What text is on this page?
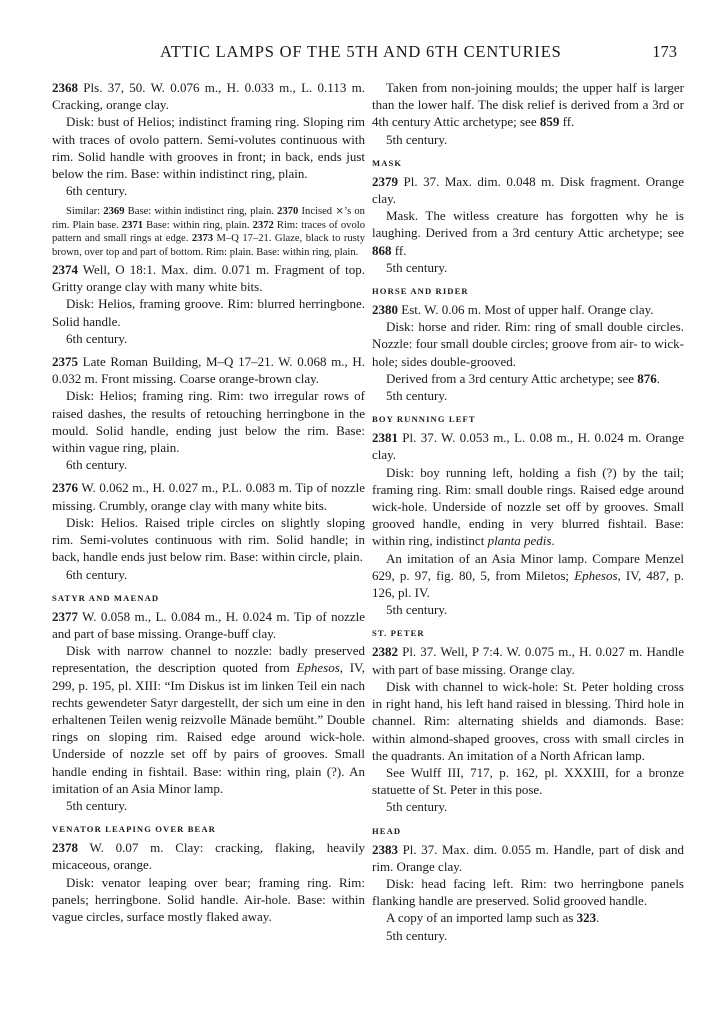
ATTIC LAMPS OF THE 5TH AND 6TH CENTURIES	173

2368 Pls. 37, 50. W. 0.076 m., H. 0.033 m., L. 0.113 m. Cracking, orange clay.

Disk: bust of Helios; indistinct framing ring. Sloping rim with traces of ovolo pattern. Semi-volutes continuous with rim. Solid handle with grooves in front; in back, ends just below the rim. Base: within indistinct ring, plain.

6th century.

Similar: 2369 Base: within indistinct ring, plain. 2370 Incised ⨯’s on rim. Plain base. 2371 Base: within ring, plain. 2372 Rim: traces of ovolo pattern and small rings at edge. 2373 M–Q 17–21. Glaze, black to rusty brown, over top and part of bottom. Rim: plain. Base: within ring, plain.

2374 Well, O 18:1. Max. dim. 0.071 m. Fragment of top. Gritty orange clay with many white bits.

Disk: Helios, framing groove. Rim: blurred herringbone. Solid handle.

6th century.

2375 Late Roman Building, M–Q 17–21. W. 0.068 m., H. 0.032 m. Front missing. Coarse orange-brown clay.

Disk: Helios; framing ring. Rim: two irregular rows of raised dashes, the results of retouching herringbone in the mould. Solid handle, ending just below the rim. Base: within vague ring, plain.

6th century.

2376 W. 0.062 m., H. 0.027 m., P.L. 0.083 m. Tip of nozzle missing. Crumbly, orange clay with many white bits.

Disk: Helios. Raised triple circles on slightly sloping rim. Semi-volutes continuous with rim. Solid handle; in back, handle ends just below rim. Base: within circle, plain.

6th century.

SATYR AND MAENAD

2377 W. 0.058 m., L. 0.084 m., H. 0.024 m. Tip of nozzle and part of base missing. Orange-buff clay.

Disk with narrow channel to nozzle: badly preserved representation, the description quoted from Ephesos, IV, 299, p. 195, pl. XIII: “Im Diskus ist im linken Teil ein nach rechts gewendeter Satyr dargestellt, der sich um eine in den erhaltenen Teilen wenig reizvolle Mänade bemüht.” Double rings on sloping rim. Raised edge around wick-hole. Underside of nozzle set off by pairs of grooves. Small handle ending in fishtail. Base: within ring, plain (?). An imitation of an Asia Minor lamp.

5th century.

VENATOR LEAPING OVER BEAR

2378 W. 0.07 m. Clay: cracking, flaking, heavily micaceous, orange.

Disk: venator leaping over bear; framing ring. Rim: panels; herringbone. Solid handle. Air-hole. Base: within vague circles, surface mostly flaked away.

Taken from non-joining moulds; the upper half is larger than the lower half. The disk relief is derived from a 3rd or 4th century Attic archetype; see 859 ff.

5th century.

MASK

2379 Pl. 37. Max. dim. 0.048 m. Disk fragment. Orange clay.

Mask. The witless creature has forgotten why he is laughing. Derived from a 3rd century Attic archetype; see 868 ff.

5th century.

HORSE AND RIDER

2380 Est. W. 0.06 m. Most of upper half. Orange clay.

Disk: horse and rider. Rim: ring of small double circles. Nozzle: four small double circles; groove from air- to wick-hole; sides double-grooved.

Derived from a 3rd century Attic archetype; see 876.

5th century.

BOY RUNNING LEFT

2381 Pl. 37. W. 0.053 m., L. 0.08 m., H. 0.024 m. Orange clay.

Disk: boy running left, holding a fish (?) by the tail; framing ring. Rim: small double rings. Raised edge around wick-hole. Underside of nozzle set off by grooves. Small grooved handle, ending in very blurred fishtail. Base: within ring, indistinct planta pedis.

An imitation of an Asia Minor lamp. Compare Menzel 629, p. 97, fig. 80, 5, from Miletos; Ephesos, IV, 487, p. 126, pl. IV.

5th century.

ST. PETER

2382 Pl. 37. Well, P 7:4. W. 0.075 m., H. 0.027 m. Handle with part of base missing. Orange clay.

Disk with channel to wick-hole: St. Peter holding cross in right hand, his left hand raised in blessing. Third hole in channel. Rim: alternating shields and diamonds. Base: within almond-shaped grooves, cross with small circles in the quadrants. An imitation of a North African lamp.

See Wulff III, 717, p. 162, pl. XXXIII, for a bronze statuette of St. Peter in this pose.

5th century.

HEAD

2383 Pl. 37. Max. dim. 0.055 m. Handle, part of disk and rim. Orange clay.

Disk: head facing left. Rim: two herringbone panels flanking handle are preserved. Solid grooved handle.

A copy of an imported lamp such as 323.

5th century.
